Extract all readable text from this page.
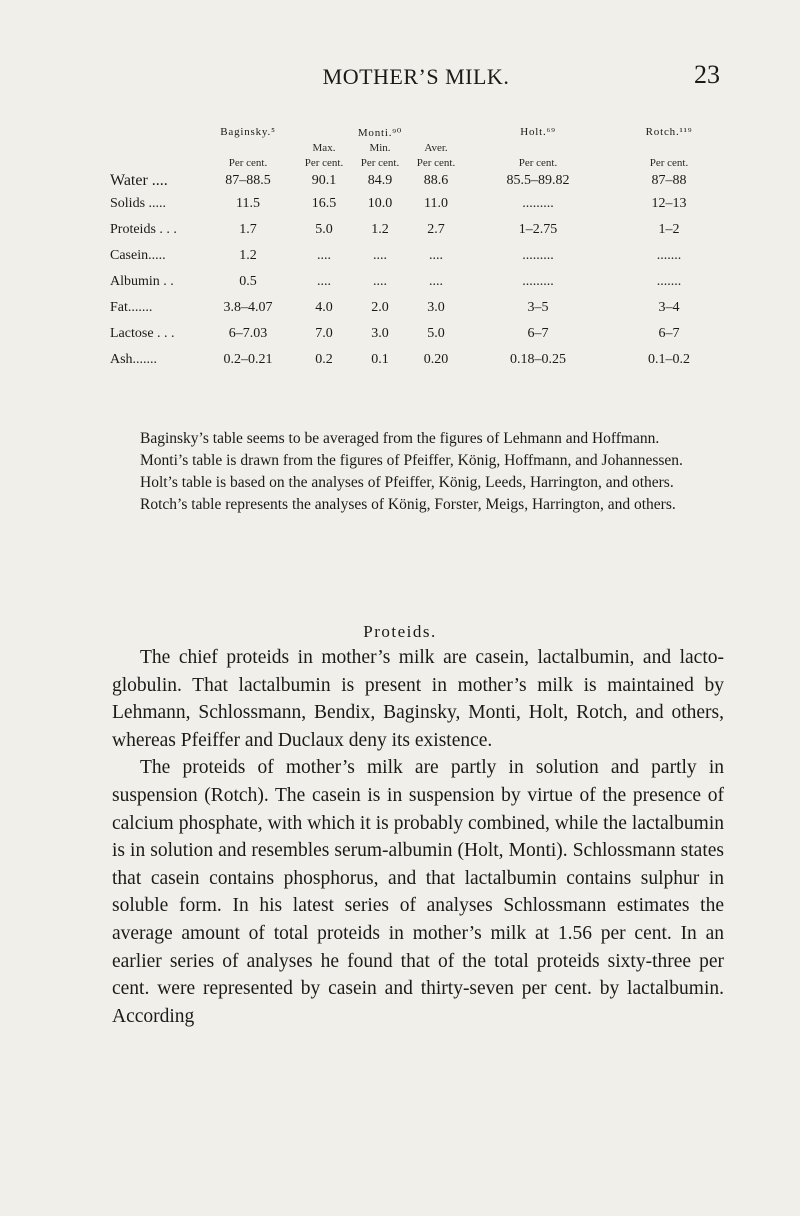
MOTHER’S MILK.	23
	Baginsky.⁵	Monti.⁹⁰			Holt.⁶⁹	Rotch.¹¹⁹
		Max.	Min.	Aver.		
	Per cent.	Per cent.	Per cent.	Per cent.	Per cent.	Per cent.
Water ....	87–88.5	90.1	84.9	88.6	85.5–89.82	87–88
Solids .....	11.5	16.5	10.0	11.0	.........	12–13
Proteids . . .	1.7	5.0	1.2	2.7	1–2.75	1–2
Casein.....	1.2	....	....	....	.........	.......
Albumin . .	0.5	....	....	....	.........	.......
Fat.......	3.8–4.07	4.0	2.0	3.0	3–5	3–4
Lactose . . .	6–7.03	7.0	3.0	5.0	6–7	6–7
Ash.......	0.2–0.21	0.2	0.1	0.20	0.18–0.25	0.1–0.2

Baginsky’s table seems to be averaged from the figures of Lehmann and Hoffmann.

Monti’s table is drawn from the figures of Pfeiffer, König, Hoffmann, and Johannessen.

Holt’s table is based on the analyses of Pfeiffer, König, Leeds, Harrington, and others.

Rotch’s table represents the analyses of König, Forster, Meigs, Harrington, and others.

Proteids.

The chief proteids in mother’s milk are casein, lactalbumin, and lacto-globulin. That lactalbumin is present in mother’s milk is maintained by Lehmann, Schlossmann, Bendix, Baginsky, Monti, Holt, Rotch, and others, whereas Pfeiffer and Duclaux deny its existence.

The proteids of mother’s milk are partly in solution and partly in suspension (Rotch). The casein is in suspension by virtue of the presence of calcium phosphate, with which it is probably combined, while the lactalbumin is in solution and resembles serum-albumin (Holt, Monti). Schlossmann states that casein contains phosphorus, and that lactalbumin contains sulphur in soluble form. In his latest series of analyses Schlossmann estimates the average amount of total proteids in mother’s milk at 1.56 per cent. In an earlier series of analyses he found that of the total proteids sixty-three per cent. were represented by casein and thirty-seven per cent. by lactalbumin. According
